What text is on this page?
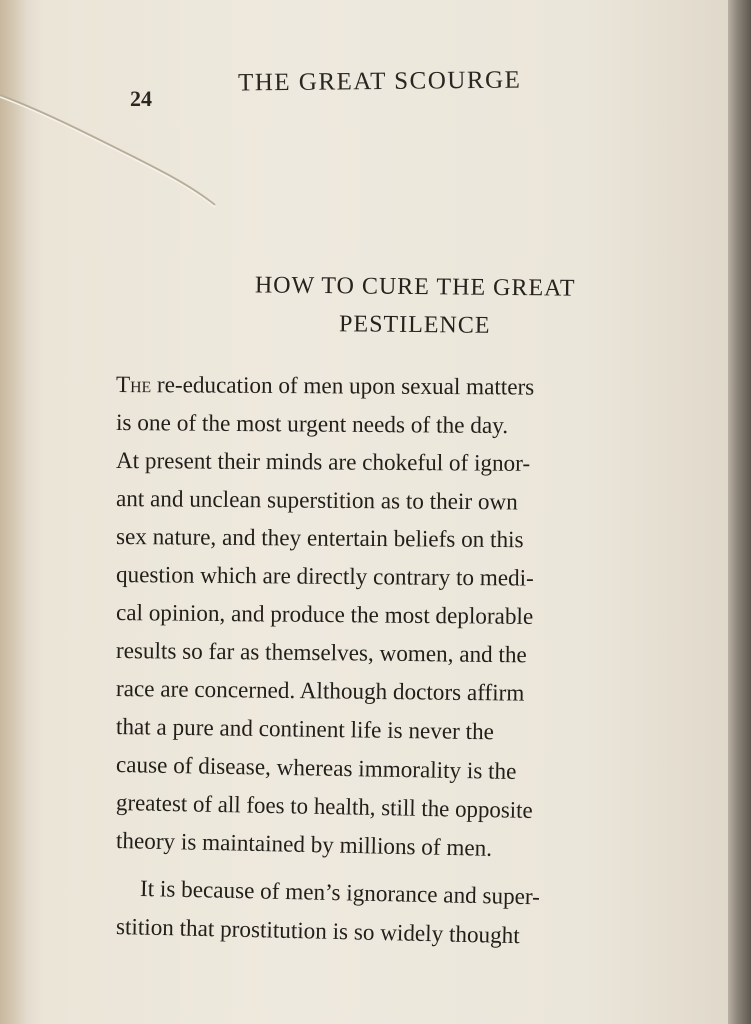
24
THE GREAT SCOURGE
HOW TO CURE THE GREAT
PESTILENCE
The re-education of men upon sexual matters
is one of the most urgent needs of the day.
At present their minds are chokeful of ignor-
ant and unclean superstition as to their own
sex nature, and they entertain beliefs on this
question which are directly contrary to medi-
cal opinion, and produce the most deplorable
results so far as themselves, women, and the
race are concerned. Although doctors affirm
that a pure and continent life is never the
cause of disease, whereas immorality is the
greatest of all foes to health, still the opposite
theory is maintained by millions of men.
It is because of men’s ignorance and super-
stition that prostitution is so widely thought
